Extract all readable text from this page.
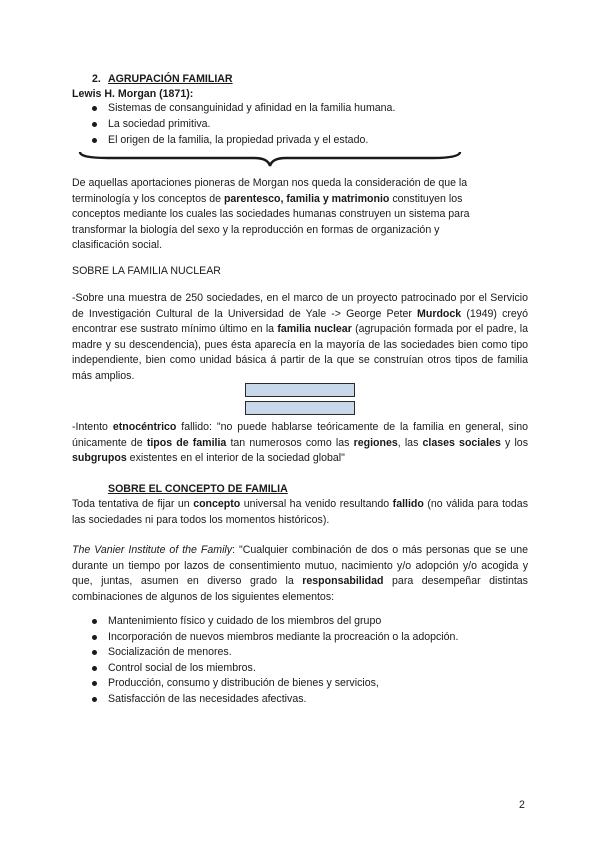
2. AGRUPACIÓN FAMILIAR
Lewis H. Morgan (1871):
Sistemas de consanguinidad y afinidad en la familia humana.
La sociedad primitiva.
El origen de la familia, la propiedad privada y el estado.
De aquellas aportaciones pioneras de Morgan nos queda la consideración de que la terminología y los conceptos de parentesco, familia y matrimonio constituyen los conceptos mediante los cuales las sociedades humanas construyen un sistema para transformar la biología del sexo y la reproducción en formas de organización y clasificación social.
SOBRE LA FAMILIA NUCLEAR
-Sobre una muestra de 250 sociedades, en el marco de un proyecto patrocinado por el Servicio de Investigación Cultural de la Universidad de Yale -> George Peter Murdock (1949) creyó encontrar ese sustrato mínimo último en la familia nuclear (agrupación formada por el padre, la madre y su descendencia), pues ésta aparecía en la mayoría de las sociedades bien como tipo independiente, bien como unidad básica á partir de la que se construían otros tipos de familia más amplios.
-Intento etnocéntrico fallido: "no puede hablarse teóricamente de la familia en general, sino únicamente de tipos de familia tan numerosos como las regiones, las clases sociales y los subgrupos existentes en el interior de la sociedad global"
SOBRE EL CONCEPTO DE FAMILIA
Toda tentativa de fijar un concepto universal ha venido resultando fallido (no válida para todas las sociedades ni para todos los momentos históricos).
The Vanier Institute of the Family: "Cualquier combinación de dos o más personas que se une durante un tiempo por lazos de consentimiento mutuo, nacimiento y/o adopción y/o acogida y que, juntas, asumen en diverso grado la responsabilidad para desempeñar distintas combinaciones de algunos de los siguientes elementos:
Mantenimiento físico y cuidado de los miembros del grupo
Incorporación de nuevos miembros mediante la procreación o la adopción.
Socialización de menores.
Control social de los miembros.
Producción, consumo y distribución de bienes y servicios,
Satisfacción de las necesidades afectivas.
2
